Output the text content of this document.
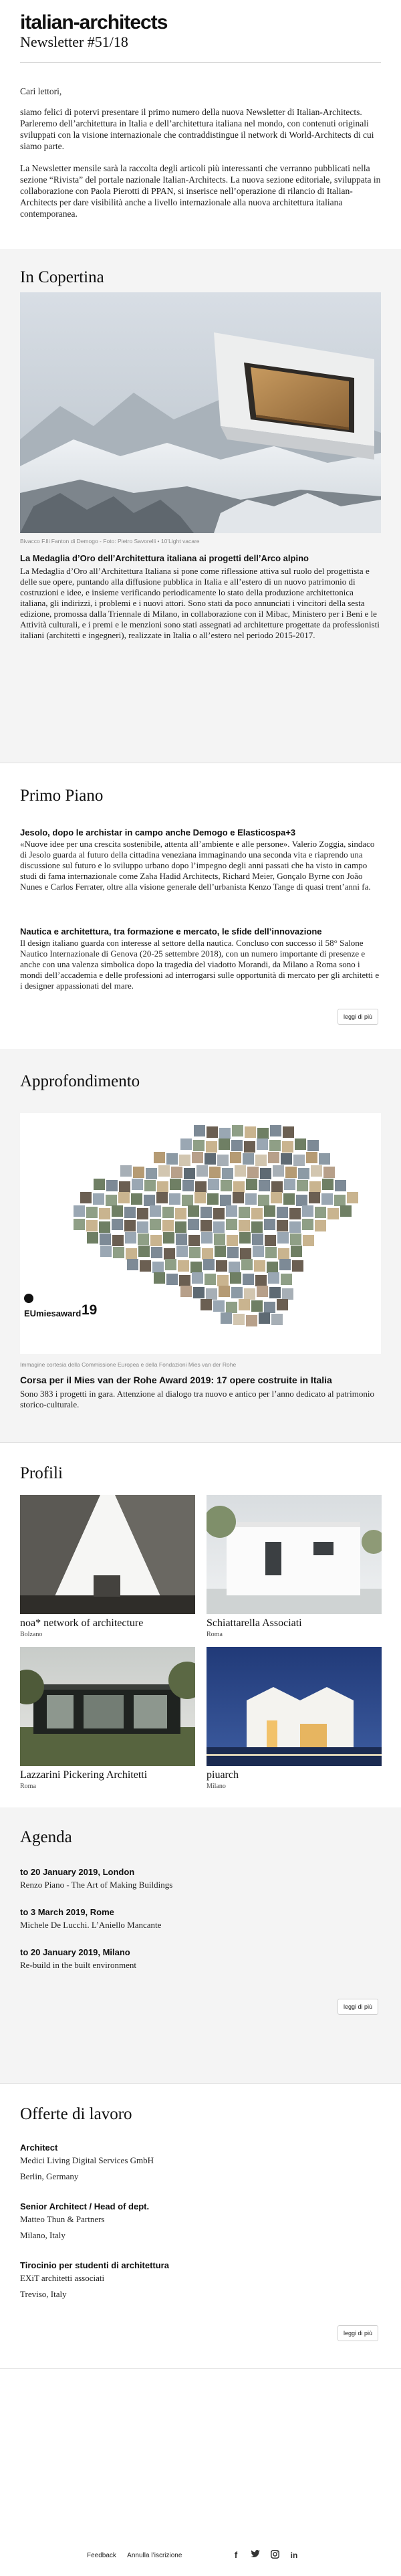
italian-architects
Newsletter #51/18

Cari lettori,

siamo felici di potervi presentare il primo numero della nuova Newsletter di Italian-Architects. Parleremo dell’architettura in Italia e dell’architettura italiana nel mondo, con contenuti originali sviluppati con la visione internazionale che contraddistingue il network di World-Architects di cui siamo parte.

La Newsletter mensile sarà la raccolta degli articoli più interessanti che verranno pubblicati nella sezione “Rivista” del portale nazionale Italian-Architects. La nuova sezione editoriale, sviluppata in collaborazione con Paola Pierotti di PPAN, si inserisce nell’operazione di rilancio di Italian-Architects per dare visibilità anche a livello internazionale alla nuova architettura italiana contemporanea.

In Copertina
Bivacco F.lli Fanton di Demogo - Foto: Pietro Savorelli • 10’Light vacare
La Medaglia d’Oro dell’Architettura italiana ai progetti dell’Arco alpino
La Medaglia d’Oro all’Architettura Italiana si pone come riflessione attiva sul ruolo del progettista e delle sue opere, puntando alla diffusione pubblica in Italia e all’estero di un nuovo patrimonio di costruzioni e idee, e insieme verificando periodicamente lo stato della produzione architettonica italiana, gli indirizzi, i problemi e i nuovi attori. Sono stati da poco annunciati i vincitori della sesta edizione, promossa dalla Triennale di Milano, in collaborazione con il Mibac, Ministero per i Beni e le Attività culturali, e i premi e le menzioni sono stati assegnati ad architetture progettate da professionisti italiani (architetti e ingegneri), realizzate in Italia o all’estero nel periodo 2015-2017.
Primo Piano
Jesolo, dopo le archistar in campo anche Demogo e Elasticospa+3
«Nuove idee per una crescita sostenibile, attenta all’ambiente e alle persone». Valerio Zoggia, sindaco di Jesolo guarda al futuro della cittadina veneziana immaginando una seconda vita e riaprendo una discussione sul futuro e lo sviluppo urbano dopo l’impegno degli anni passati che ha visto in campo studi di fama internazionale come Zaha Hadid Architects, Richard Meier, Gonçalo Byrne con João Nunes e Carlos Ferrater, oltre alla visione generale dell’urbanista Kenzo Tange di quasi trent’anni fa.
Nautica e architettura, tra formazione e mercato, le sfide dell’innovazione
Il design italiano guarda con interesse al settore della nautica. Concluso con successo il 58° Salone Nautico Internazionale di Genova (20-25 settembre 2018), con un numero importante di presenze e anche con una valenza simbolica dopo la tragedia del viadotto Morandi, da Milano a Roma sono i mondi dell’accademia e delle professioni ad interrogarsi sulle opportunità di mercato per gli architetti e i designer appassionati del mare.
leggi di più
Approfondimento
EUmiesaward 19
Immagine cortesia della Commissione Europea e della Fondazioni Mies van der Rohe
Corsa per il Mies van der Rohe Award 2019: 17 opere costruite in Italia
Sono 383 i progetti in gara. Attenzione al dialogo tra nuovo e antico per l’anno dedicato al patrimonio storico-culturale.
Profili
noa* network of architecture
Bolzano
Schiattarella Associati
Roma
Lazzarini Pickering Architetti
Roma
piuarch
Milano
Agenda
to 20 January 2019, London
Renzo Piano - The Art of Making Buildings
to 3 March 2019, Rome
Michele De Lucchi. L’Aniello Mancante
to 20 January 2019, Milano
Re-build in the built environment
leggi di più
Offerte di lavoro
Architect
Medici Living Digital Services GmbH
Berlin, Germany
Senior Architect / Head of dept.
Matteo Thun & Partners
Milano, Italy
Tirocinio per studenti di architettura
EXiT architetti associati
Treviso, Italy
leggi di più
Feedback Annulla l’iscrizione	f	in
